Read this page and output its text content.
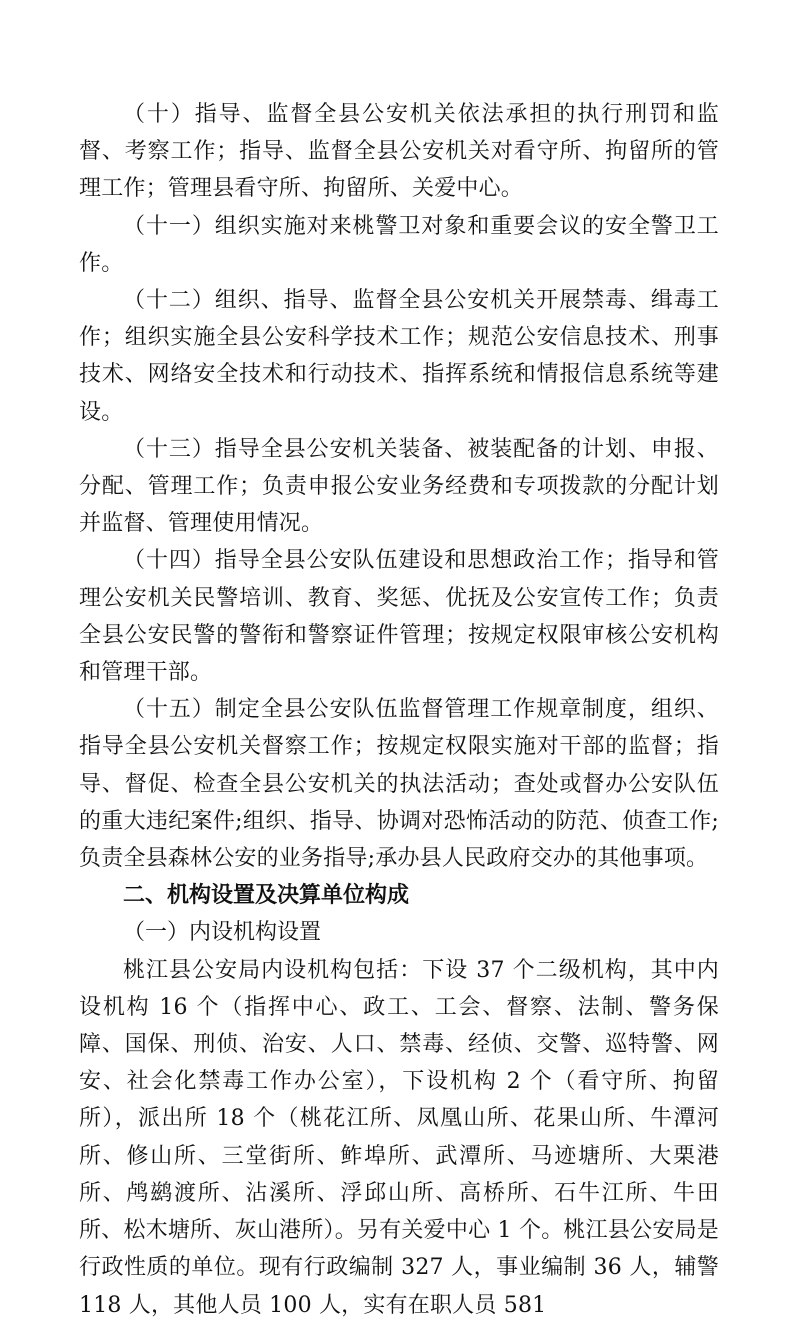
（十）指导、监督全县公安机关依法承担的执行刑罚和监督、考察工作；指导、监督全县公安机关对看守所、拘留所的管理工作；管理县看守所、拘留所、关爱中心。

（十一）组织实施对来桃警卫对象和重要会议的安全警卫工作。

（十二）组织、指导、监督全县公安机关开展禁毒、缉毒工作；组织实施全县公安科学技术工作；规范公安信息技术、刑事技术、网络安全技术和行动技术、指挥系统和情报信息系统等建设。

（十三）指导全县公安机关装备、被装配备的计划、申报、分配、管理工作；负责申报公安业务经费和专项拨款的分配计划并监督、管理使用情况。

（十四）指导全县公安队伍建设和思想政治工作；指导和管理公安机关民警培训、教育、奖惩、优抚及公安宣传工作；负责全县公安民警的警衔和警察证件管理；按规定权限审核公安机构和管理干部。

（十五）制定全县公安队伍监督管理工作规章制度，组织、指导全县公安机关督察工作；按规定权限实施对干部的监督；指导、督促、检查全县公安机关的执法活动；查处或督办公安队伍的重大违纪案件;组织、指导、协调对恐怖活动的防范、侦查工作;负责全县森林公安的业务指导;承办县人民政府交办的其他事项。

二、机构设置及决算单位构成

（一）内设机构设置

桃江县公安局内设机构包括：下设 37 个二级机构，其中内设机构 16 个（指挥中心、政工、工会、督察、法制、警务保障、国保、刑侦、治安、人口、禁毒、经侦、交警、巡特警、网安、社会化禁毒工作办公室），下设机构 2 个（看守所、拘留所），派出所 18 个（桃花江所、凤凰山所、花果山所、牛潭河所、修山所、三堂街所、鲊埠所、武潭所、马迹塘所、大栗港所、鸬鹚渡所、沾溪所、浮邱山所、高桥所、石牛江所、牛田所、松木塘所、灰山港所）。另有关爱中心 1 个。桃江县公安局是行政性质的单位。现有行政编制 327 人，事业编制 36 人，辅警 118 人，其他人员 100 人，实有在职人员 581
